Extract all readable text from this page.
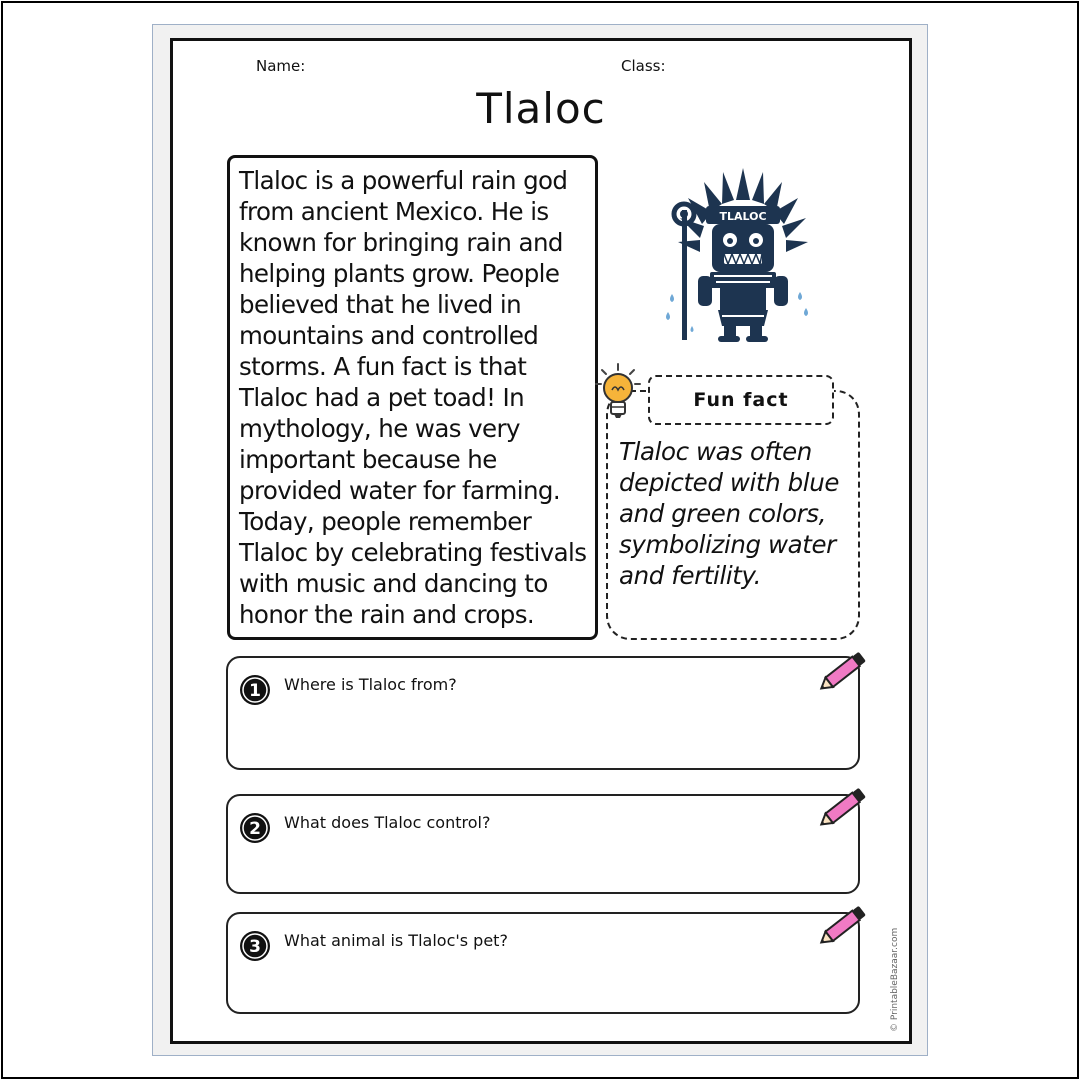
Name:	Class:
Tlaloc
Tlaloc is a powerful rain god from ancient Mexico. He is known for bringing rain and helping plants grow. People believed that he lived in mountains and controlled storms. A fun fact is that Tlaloc had a pet toad! In mythology, he was very important because he provided water for farming. Today, people remember Tlaloc by celebrating festivals with music and dancing to honor the rain and crops.
TLALOC
Fun fact
Tlaloc was often depicted with blue and green colors, symbolizing water and fertility.
1 Where is Tlaloc from?
2 What does Tlaloc control?
3 What animal is Tlaloc's pet?	© PrintableBazaar.com
